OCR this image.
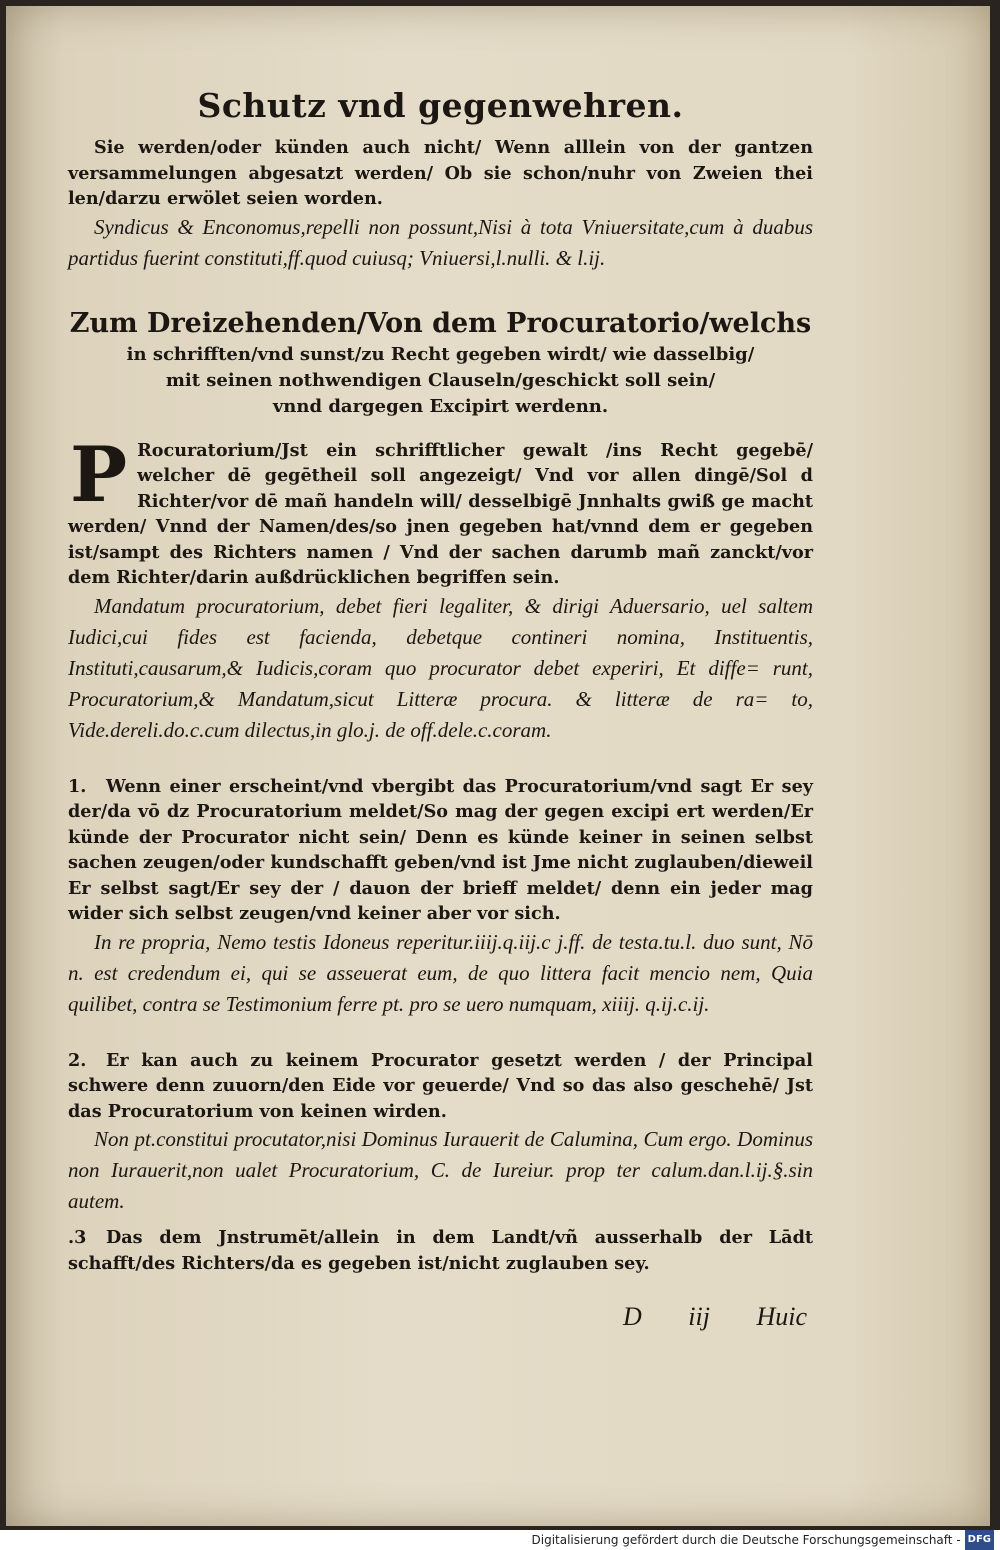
Schutz vnd gegenwehren.

Sie werden/oder künden auch nicht/ Wenn alllein von der gantzen versammelungen abgesatzt werden/ Ob sie schon/nuhr von Zweien thei len/darzu erwölet seien worden.

Syndicus & Enconomus,repelli non possunt,Nisi à tota Vniuersitate,cum à duabus partidus fuerint constituti,ff.quod cuiusq; Vniuersi,l.nulli. & l.ij.

Zum Dreizehenden/Von dem Procuratorio/welchs
in schrifften/vnd sunst/zu Recht gegeben wirdt/ wie dasselbig/
mit seinen nothwendigen Clauseln/geschickt soll sein/
vnnd dargegen Excipirt werdenn.
P Rocuratorium/Jst ein schrifftlicher gewalt /ins Recht gegebē/ welcher dē gegētheil soll angezeigt/ Vnd vor allen dingē/Sol d Richter/vor dē mañ handeln will/ desselbigē Jnnhalts gwiß ge macht werden/ Vnnd der Namen/des/so jnen gegeben hat/vnnd dem er gegeben ist/sampt des Richters namen / Vnd der sachen darumb mañ zanckt/vor dem Richter/darin außdrücklichen begriffen sein.

Mandatum procuratorium, debet fieri legaliter, & dirigi Aduersario, uel saltem Iudici,cui fides est facienda, debetque contineri nomina, Instituentis, Instituti,causarum,& Iudicis,coram quo procurator debet experiri, Et diffe= runt, Procuratorium,& Mandatum,sicut Litteræ procura. & litteræ de ra= to, Vide.dereli.do.c.cum dilectus,in glo.j. de off.dele.c.coram.

1. Wenn einer erscheint/vnd vbergibt das Procuratorium/vnd sagt Er sey der/da vō dz Procuratorium meldet/So mag der gegen excipi ert werden/Er künde der Procurator nicht sein/ Denn es künde keiner in seinen selbst sachen zeugen/oder kundschafft geben/vnd ist Jme nicht zuglauben/dieweil Er selbst sagt/Er sey der / dauon der brieff meldet/ denn ein jeder mag wider sich selbst zeugen/vnd keiner aber vor sich.

In re propria, Nemo testis Idoneus reperitur.iiij.q.iij.c j.ff. de testa.tu.l. duo sunt, Nō n. est credendum ei, qui se asseuerat eum, de quo littera facit mencio nem, Quia quilibet, contra se Testimonium ferre pt. pro se uero numquam, xiiij. q.ij.c.ij.

2. Er kan auch zu keinem Procurator gesetzt werden / der Principal schwere denn zuuorn/den Eide vor geuerde/ Vnd so das also geschehē/ Jst das Procuratorium von keinen wirden.

Non pt.constitui procutator,nisi Dominus Iurauerit de Calumina, Cum ergo. Dominus non Iurauerit,non ualet Procuratorium, C. de Iureiur. prop ter calum.dan.l.ij.§.sin autem.

.3 Das dem Jnstrumēt/allein in dem Landt/vñ ausserhalb der Lādt schafft/des Richters/da es gegeben ist/nicht zuglauben sey.

D iij Huic
Digitalisierung gefördert durch die Deutsche Forschungsgemeinschaft - DFG
